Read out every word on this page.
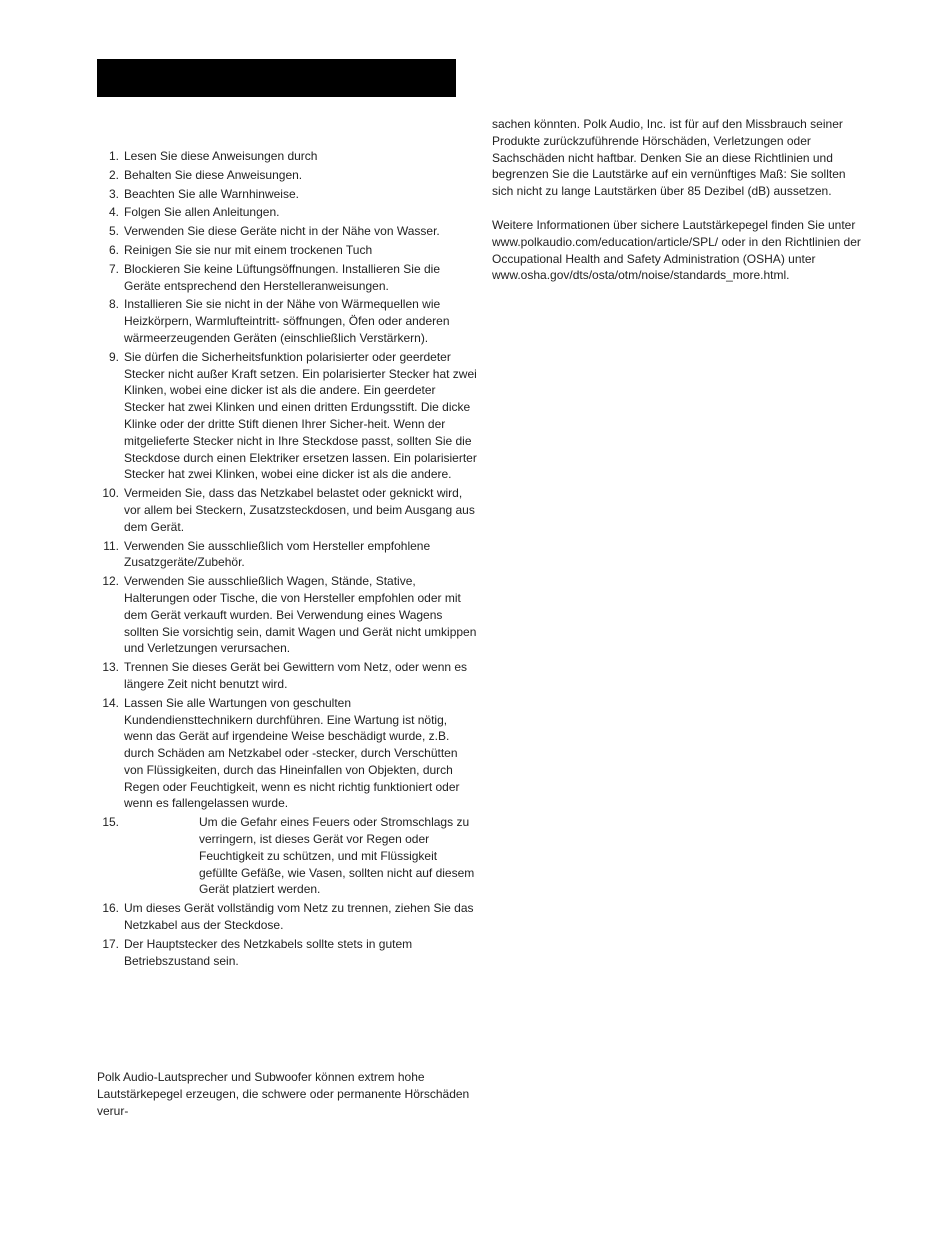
1. Lesen Sie diese Anweisungen durch
2. Behalten Sie diese Anweisungen.
3. Beachten Sie alle Warnhinweise.
4. Folgen Sie allen Anleitungen.
5. Verwenden Sie diese Geräte nicht in der Nähe von Wasser.
6. Reinigen Sie sie nur mit einem trockenen Tuch
7. Blockieren Sie keine Lüftungsöffnungen. Installieren Sie die Geräte entsprechend den Herstelleranweisungen.
8. Installieren Sie sie nicht in der Nähe von Wärmequellen wie Heizkörpern, Warmlufteintritt- söffnungen, Öfen oder anderen wärmeerzeugenden Geräten (einschließlich Verstärkern).
9. Sie dürfen die Sicherheitsfunktion polarisierter oder geerdeter Stecker nicht außer Kraft setzen. Ein polarisierter Stecker hat zwei Klinken, wobei eine dicker ist als die andere. Ein geerdeter Stecker hat zwei Klinken und einen dritten Erdungsstift. Die dicke Klinke oder der dritte Stift dienen Ihrer Sicher-heit. Wenn der mitgelieferte Stecker nicht in Ihre Steckdose passt, sollten Sie die Steckdose durch einen Elektriker ersetzen lassen. Ein polarisierter Stecker hat zwei Klinken, wobei eine dicker ist als die andere.
10. Vermeiden Sie, dass das Netzkabel belastet oder geknickt wird, vor allem bei Steckern, Zusatzsteckdosen, und beim Ausgang aus dem Gerät.
11. Verwenden Sie ausschließlich vom Hersteller empfohlene Zusatzgeräte/Zubehör.
12. Verwenden Sie ausschließlich Wagen, Stände, Stative, Halterungen oder Tische, die von Hersteller empfohlen oder mit dem Gerät verkauft wurden. Bei Verwendung eines Wagens sollten Sie vorsichtig sein, damit Wagen und Gerät nicht umkippen und Verletzungen verursachen.
13. Trennen Sie dieses Gerät bei Gewittern vom Netz, oder wenn es längere Zeit nicht benutzt wird.
14. Lassen Sie alle Wartungen von geschulten Kundendiensttechnikern durchführen. Eine Wartung ist nötig, wenn das Gerät auf irgendeine Weise beschädigt wurde, z.B. durch Schäden am Netzkabel oder -stecker, durch Verschütten von Flüssigkeiten, durch das Hineinfallen von Objekten, durch Regen oder Feuchtigkeit, wenn es nicht richtig funktioniert oder wenn es fallengelassen wurde.
15.	Um die Gefahr eines Feuers oder Stromschlags zu verringern, ist dieses Gerät vor Regen oder Feuchtigkeit zu schützen, und mit Flüssigkeit gefüllte Gefäße, wie Vasen, sollten nicht auf diesem Gerät platziert werden.
16. Um dieses Gerät vollständig vom Netz zu trennen, ziehen Sie das Netzkabel aus der Steckdose.
17. Der Hauptstecker des Netzkabels sollte stets in gutem Betriebszustand sein.
Polk Audio-Lautsprecher und Subwoofer können extrem hohe Lautstärkepegel erzeugen, die schwere oder permanente Hörschäden verur-

sachen könnten. Polk Audio, Inc. ist für auf den Missbrauch seiner Produkte zurückzuführende Hörschäden, Verletzungen oder Sachschäden nicht haftbar. Denken Sie an diese Richtlinien und begrenzen Sie die Lautstärke auf ein vernünftiges Maß: Sie sollten sich nicht zu lange Lautstärken über 85 Dezibel (dB) aussetzen.

Weitere Informationen über sichere Lautstärkepegel finden Sie unter www.polkaudio.com/education/article/SPL/ oder in den Richtlinien der Occupational Health and Safety Administration (OSHA) unter www.osha.gov/dts/osta/otm/noise/standards_more.html.
